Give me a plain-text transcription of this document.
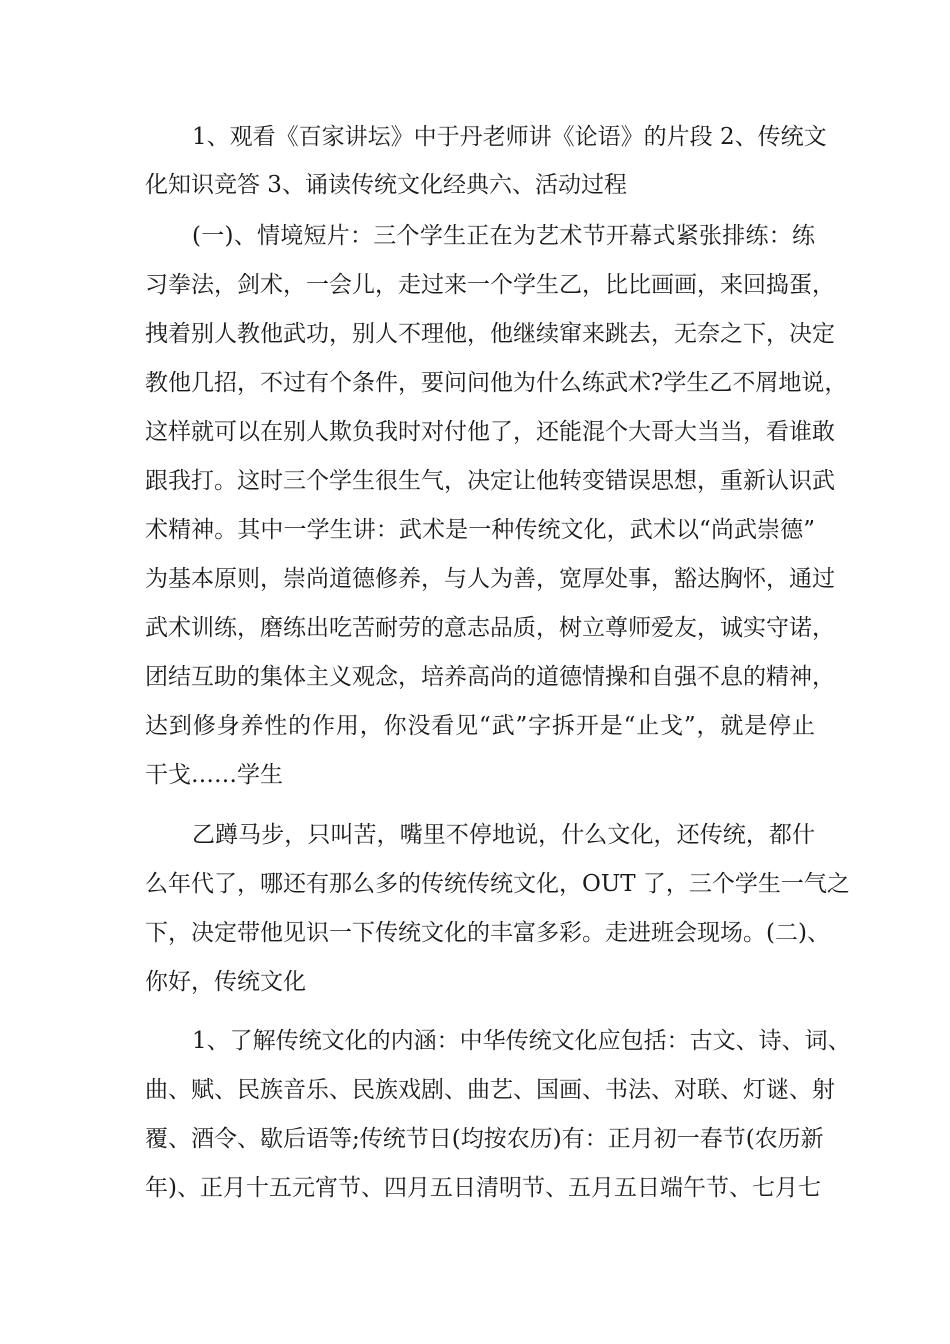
1、观看《百家讲坛》中于丹老师讲《论语》的片段 2、传统文
化知识竞答 3、诵读传统文化经典六、活动过程
(一)、情境短片：三个学生正在为艺术节开幕式紧张排练：练
习拳法，剑术，一会儿，走过来一个学生乙，比比画画，来回捣蛋，
拽着别人教他武功，别人不理他，他继续窜来跳去，无奈之下，决定
教他几招，不过有个条件，要问问他为什么练武术?学生乙不屑地说，
这样就可以在别人欺负我时对付他了，还能混个大哥大当当，看谁敢
跟我打。这时三个学生很生气，决定让他转变错误思想，重新认识武
术精神。其中一学生讲：武术是一种传统文化，武术以“尚武崇德”
为基本原则，崇尚道德修养，与人为善，宽厚处事，豁达胸怀，通过
武术训练，磨练出吃苦耐劳的意志品质，树立尊师爱友，诚实守诺，
团结互助的集体主义观念，培养高尚的道德情操和自强不息的精神，
达到修身养性的作用，你没看见“武”字拆开是“止戈”，就是停止
干戈……学生
乙蹲马步，只叫苦，嘴里不停地说，什么文化，还传统，都什
么年代了，哪还有那么多的传统传统文化，OUT 了，三个学生一气之
下，决定带他见识一下传统文化的丰富多彩。走进班会现场。(二)、
你好，传统文化
1、了解传统文化的内涵：中华传统文化应包括：古文、诗、词、
曲、赋、民族音乐、民族戏剧、曲艺、国画、书法、对联、灯谜、射
覆、酒令、歇后语等;传统节日(均按农历)有：正月初一春节(农历新
年)、正月十五元宵节、四月五日清明节、五月五日端午节、七月七
